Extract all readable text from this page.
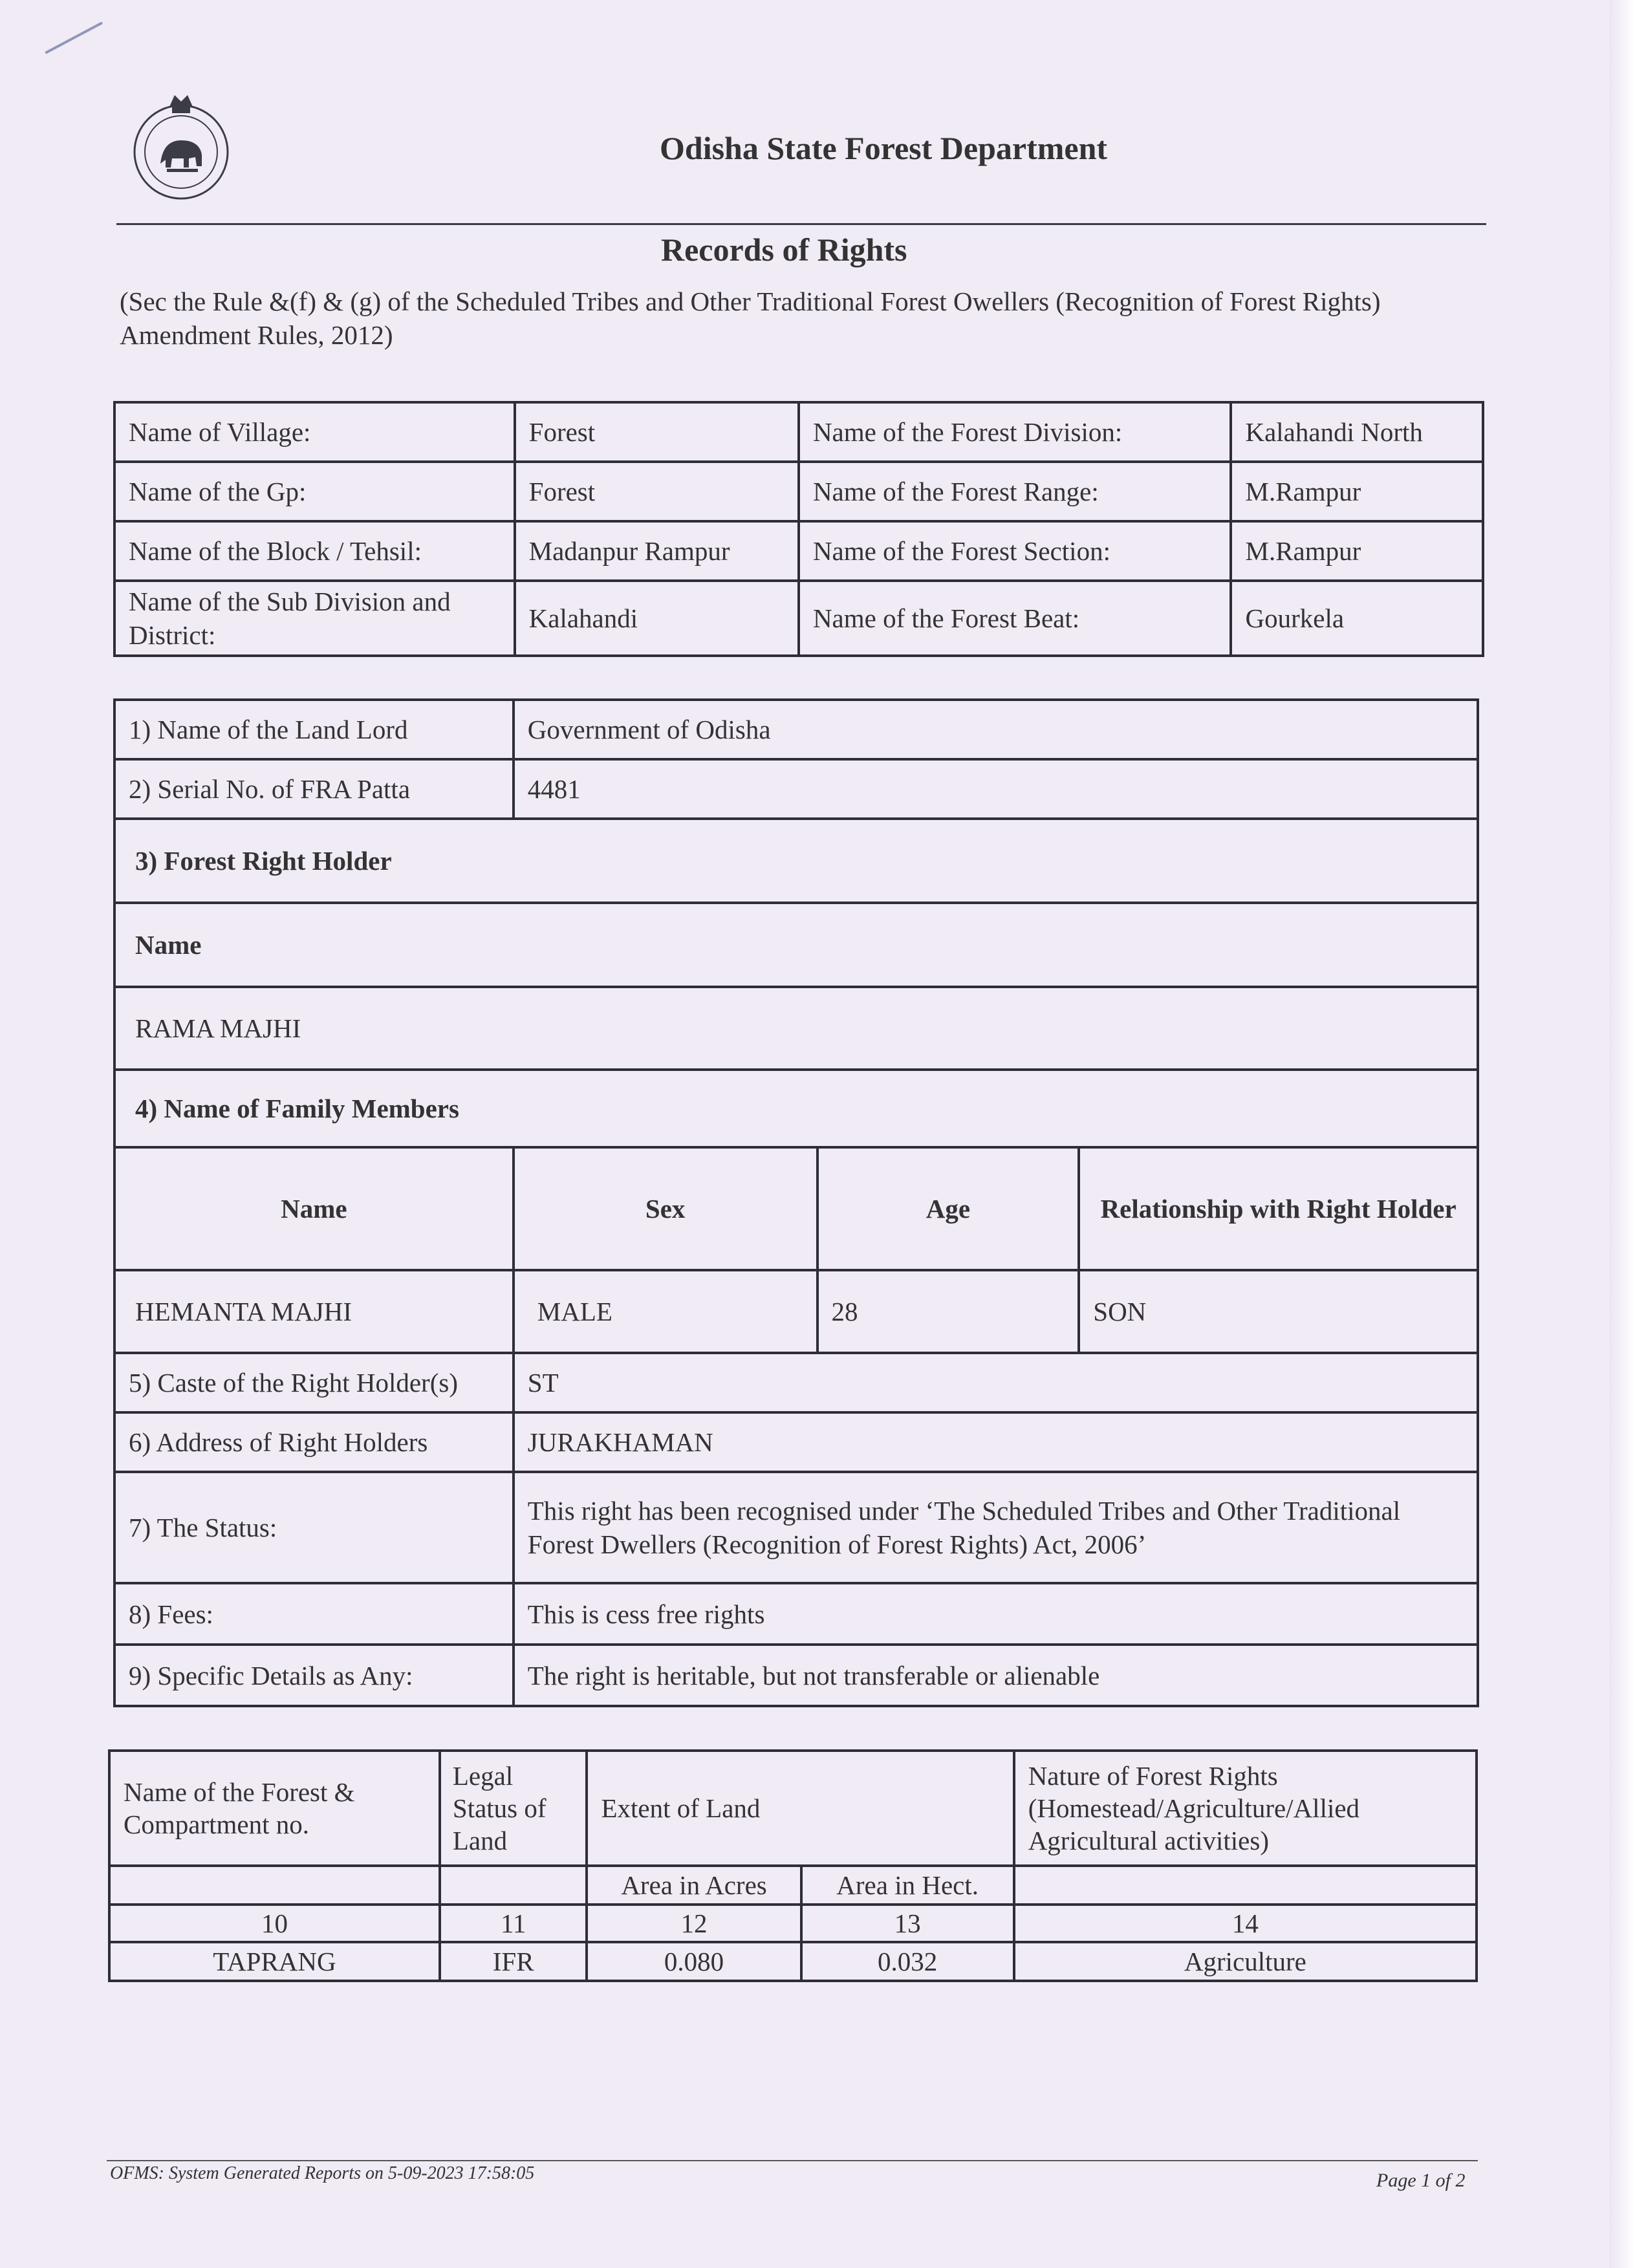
Odisha State Forest Department
Records of Rights
(Sec the Rule &(f) & (g) of the Scheduled Tribes and Other Traditional Forest Owellers (Recognition of Forest Rights) Amendment Rules, 2012)
Name of Village:	Forest	Name of the Forest Division:	Kalahandi North
Name of the Gp:	Forest	Name of the Forest Range:	M.Rampur
Name of the Block / Tehsil:	Madanpur Rampur	Name of the Forest Section:	M.Rampur
Name of the Sub Division and District:	Kalahandi	Name of the Forest Beat:	Gourkela
1) Name of the Land Lord	Government of Odisha		
2) Serial No. of FRA Patta	4481		
3) Forest Right Holder			
Name			
RAMA MAJHI			
4) Name of Family Members			
Name	Sex	Age	Relationship with Right Holder
HEMANTA MAJHI	MALE	28	SON
5) Caste of the Right Holder(s)	ST		
6) Address of Right Holders	JURAKHAMAN		
7) The Status:	This right has been recognised under ‘The Scheduled Tribes and Other Traditional
Forest Dwellers (Recognition of Forest Rights) Act, 2006’		

8) Fees:	This is cess free rights		
9) Specific Details as Any:	The right is heritable, but not transferable or alienable		
Name of the Forest & Compartment no.	Legal Status of Land	Extent of Land		Nature of Forest Rights (Homestead/Agriculture/Allied Agricultural activities)
		Area in Acres	Area in Hect.	
10	11	12	13	14
TAPRANG	IFR	0.080	0.032	Agriculture
OFMS: System Generated Reports on 5-09-2023 17:58:05	Page 1 of 2
